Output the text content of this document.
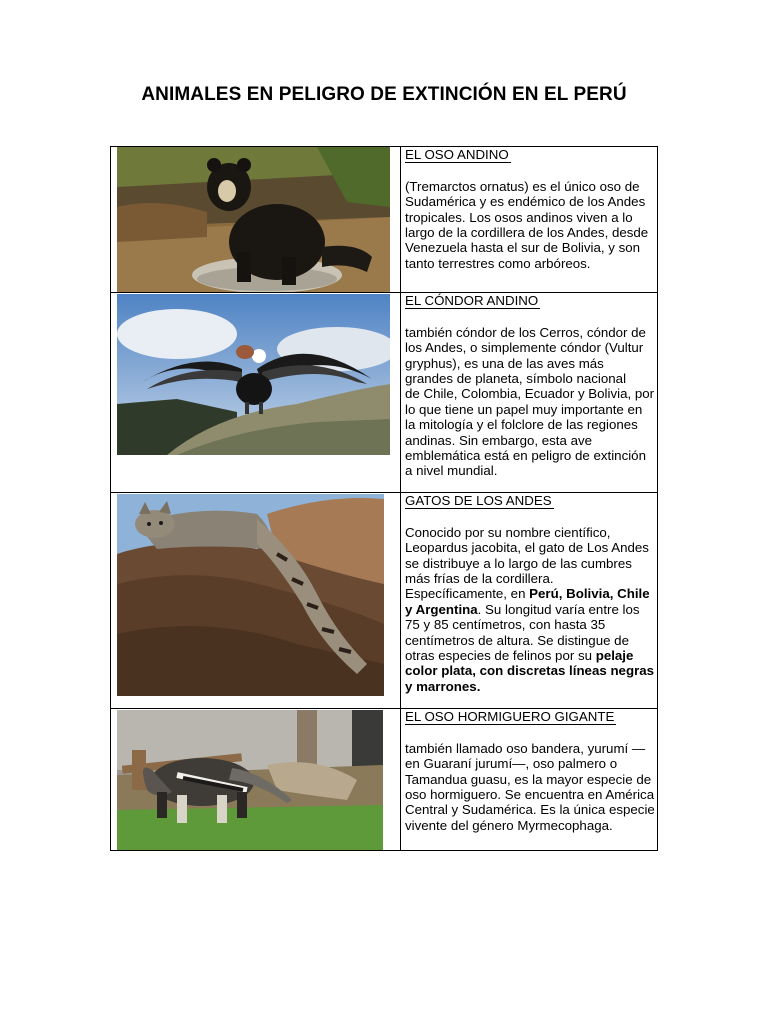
ANIMALES EN PELIGRO DE EXTINCIÓN EN EL PERÚ

EL OSO ANDINO

(Tremarctos ornatus) es el único oso de Sudamérica y es endémico de los Andes tropicales. Los osos andinos viven a lo largo de la cordillera de los Andes, desde Venezuela hasta el sur de Bolivia, y son tanto terrestres como arbóreos.

EL CÓNDOR ANDINO

también cóndor de los Cerros, cóndor de los Andes, o simplemente cóndor (Vultur gryphus), es una de las aves más grandes de planeta, símbolo nacional

de Chile, Colombia, Ecuador y Bolivia, por lo que tiene un papel muy importante en la mitología y el folclore de las regiones andinas. Sin embargo, esta ave emblemática está en peligro de extinción a nivel mundial.

GATOS DE LOS ANDES

Conocido por su nombre científico, Leopardus jacobita, el gato de Los Andes se distribuye a lo largo de las cumbres más frías de la cordillera.

Específicamente, en Perú, Bolivia, Chile y Argentina. Su longitud varía entre los 75 y 85 centímetros, con hasta 35 centímetros de altura. Se distingue de otras especies de felinos por su pelaje color plata, con discretas líneas negras y marrones.

EL OSO HORMIGUERO GIGANTE

también llamado oso bandera, yurumí —en Guaraní jurumí—, oso palmero o Tamandua guasu, es la mayor especie de oso hormiguero. Se encuentra en América Central y Sudamérica. Es la única especie vivente del género Myrmecophaga.
